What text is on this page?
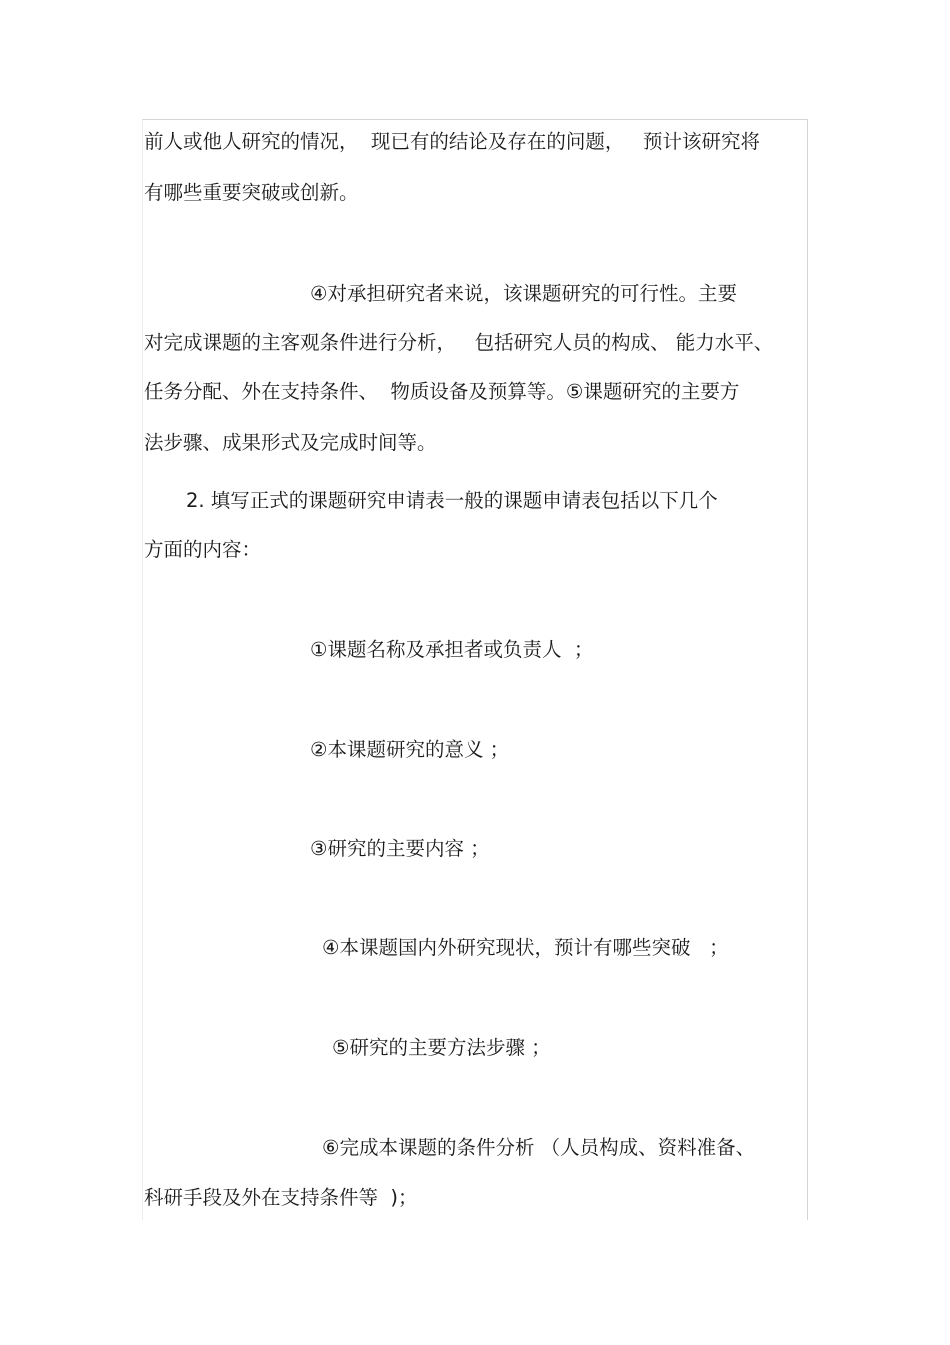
前人或他人研究的情况，  现已有的结论及存在的问题，   预计该研究将

有哪些重要突破或创新。

④对承担研究者来说，该课题研究的可行性。主要

对完成课题的主客观条件进行分析，   包括研究人员的构成、 能力水平、

任务分配、外在支持条件、  物质设备及预算等。⑤课题研究的主要方

法步骤、成果形式及完成时间等。

2. 填写正式的课题研究申请表一般的课题申请表包括以下几个

方面的内容：

①课题名称及承担者或负责人  ；

②本课题研究的意义 ；

③研究的主要内容 ；

④本课题国内外研究现状，预计有哪些突破   ；

⑤研究的主要方法步骤 ；

⑥完成本课题的条件分析 （人员构成、资料准备、

科研手段及外在支持条件等  )；
